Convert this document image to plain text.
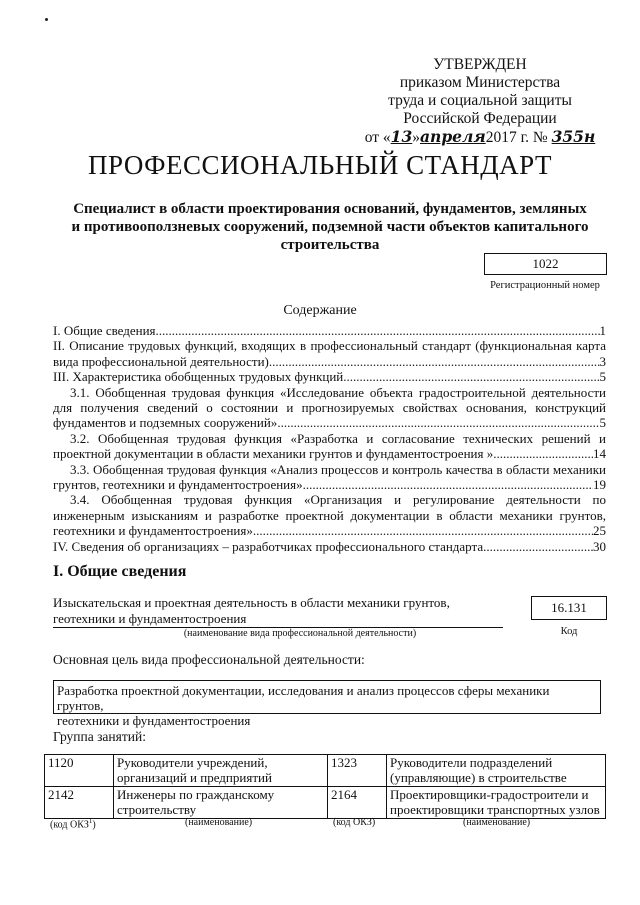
УТВЕРЖДЕН
приказом Министерства
труда и социальной защиты
Российской Федерации
от «13»апреля2017 г. № 355н
ПРОФЕССИОНАЛЬНЫЙ СТАНДАРТ
Специалист в области проектирования оснований, фундаментов, земляных
и противооползневых сооружений, подземной части объектов капитального
строительства
1022
Регистрационный номер
Содержание
I. Общие сведения .....	1
II. Описание трудовых функций, входящих в профессиональный стандарт (функциональная карта
вида профессиональной деятельности) .....	3
III. Характеристика обобщенных трудовых функций .....	5
3.1. Обобщенная трудовая функция «Исследование объекта градостроительной деятельности
для получения сведений о состоянии и прогнозируемых свойствах основания, конструкций
фундаментов и подземных сооружений» .....	5
3.2. Обобщенная трудовая функция «Разработка и согласование технических решений и
проектной документации в области механики грунтов и фундаментостроения » .....	14
3.3. Обобщенная трудовая функция «Анализ процессов и контроль качества в области механики
грунтов, геотехники и фундаментостроения» .....	19
3.4. Обобщенная трудовая функция «Организация и регулирование деятельности по
инженерным изысканиям и разработке проектной документации в области механики грунтов,
геотехники и фундаментостроения» .....	25
IV. Сведения об организациях – разработчиках профессионального стандарта .....	30
I. Общие сведения
Изыскательская и проектная деятельность в области механики грунтов,
геотехники и фундаментостроения
(наименование вида профессиональной деятельности)
16.131
Код
Основная цель вида профессиональной деятельности:
Разработка проектной документации, исследования и анализ процессов сферы механики грунтов,
геотехники и фундаментостроения
Группа занятий:
1120	Руководители учреждений, организаций и предприятий	1323	Руководители подразделений (управляющие) в строительстве
2142	Инженеры по гражданскому строительству	2164	Проектировщики-градостроители и проектировщики транспортных узлов
(код ОКЗ$^1$)	(наименование)	(код ОКЗ)	(наименование)
